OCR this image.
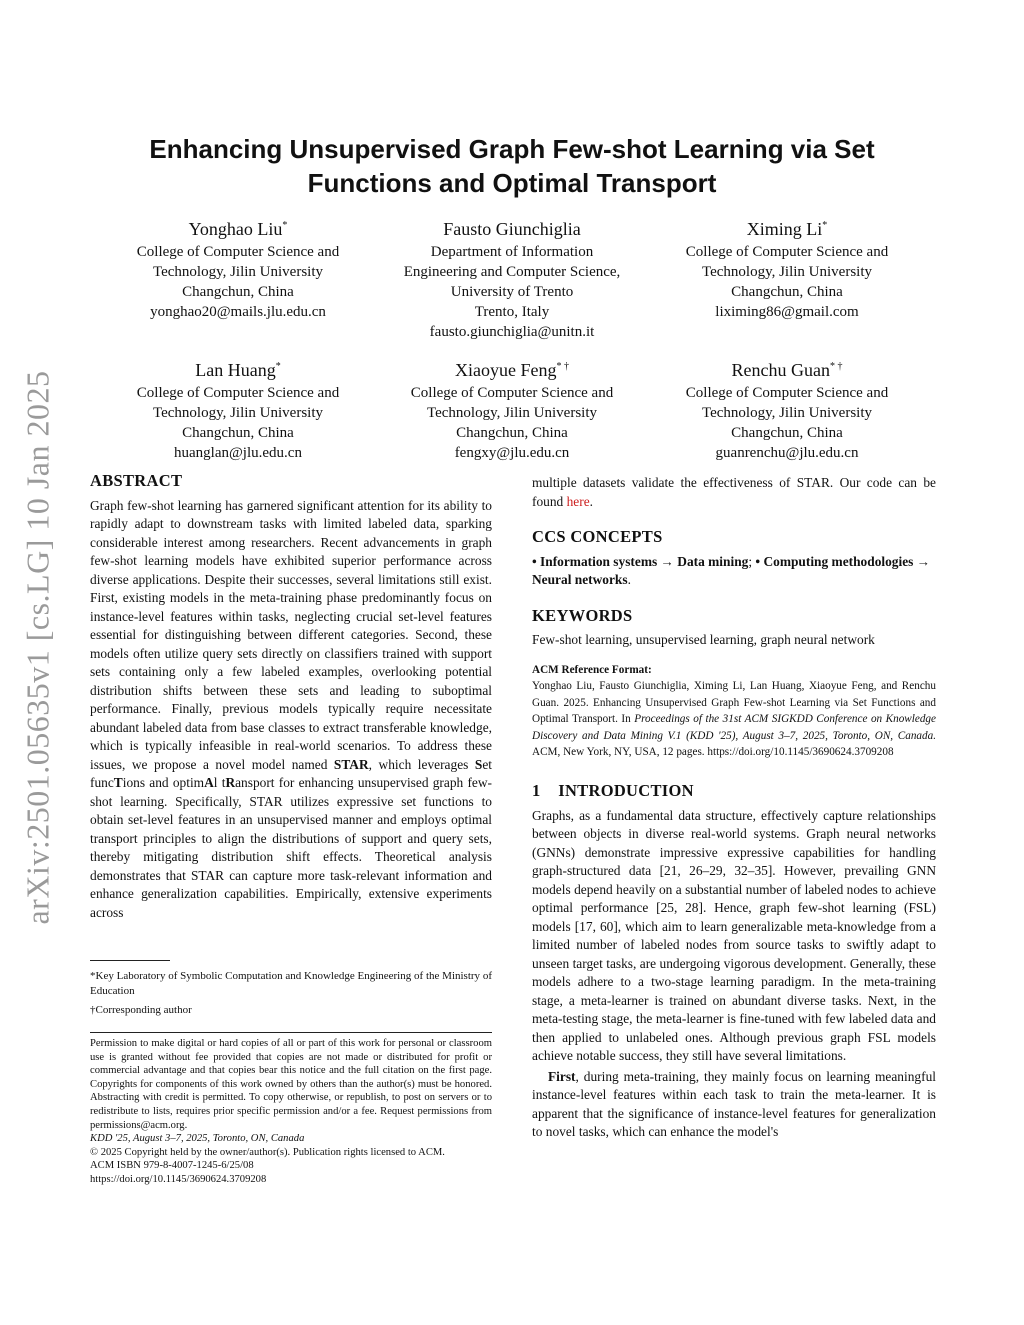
arXiv:2501.05635v1 [cs.LG] 10 Jan 2025
Enhancing Unsupervised Graph Few-shot Learning via Set Functions and Optimal Transport
Yonghao Liu*
College of Computer Science and
Technology, Jilin University
Changchun, China
yonghao20@mails.jlu.edu.cn
Fausto Giunchiglia
Department of Information
Engineering and Computer Science,
University of Trento
Trento, Italy
fausto.giunchiglia@unitn.it
Ximing Li*
College of Computer Science and
Technology, Jilin University
Changchun, China
liximing86@gmail.com
Lan Huang*
College of Computer Science and
Technology, Jilin University
Changchun, China
huanglan@jlu.edu.cn
Xiaoyue Feng* †
College of Computer Science and
Technology, Jilin University
Changchun, China
fengxy@jlu.edu.cn
Renchu Guan* †
College of Computer Science and
Technology, Jilin University
Changchun, China
guanrenchu@jlu.edu.cn
ABSTRACT

Graph few-shot learning has garnered significant attention for its ability to rapidly adapt to downstream tasks with limited labeled data, sparking considerable interest among researchers. Recent advancements in graph few-shot learning models have exhibited superior performance across diverse applications. Despite their successes, several limitations still exist. First, existing models in the meta-training phase predominantly focus on instance-level features within tasks, neglecting crucial set-level features essential for distinguishing between different categories. Second, these models often utilize query sets directly on classifiers trained with support sets containing only a few labeled examples, overlooking potential distribution shifts between these sets and leading to suboptimal performance. Finally, previous models typically require necessitate abundant labeled data from base classes to extract transferable knowledge, which is typically infeasible in real-world scenarios. To address these issues, we propose a novel model named STAR, which leverages Set funcTions and optimAl tRansport for enhancing unsupervised graph few-shot learning. Specifically, STAR utilizes expressive set functions to obtain set-level features in an unsupervised manner and employs optimal transport principles to align the distributions of support and query sets, thereby mitigating distribution shift effects. Theoretical analysis demonstrates that STAR can capture more task-relevant information and enhance generalization capabilities. Empirically, extensive experiments across

*Key Laboratory of Symbolic Computation and Knowledge Engineering of the Ministry of Education

†Corresponding author

Permission to make digital or hard copies of all or part of this work for personal or classroom use is granted without fee provided that copies are not made or distributed for profit or commercial advantage and that copies bear this notice and the full citation on the first page. Copyrights for components of this work owned by others than the author(s) must be honored. Abstracting with credit is permitted. To copy otherwise, or republish, to post on servers or to redistribute to lists, requires prior specific permission and/or a fee. Request permissions from permissions@acm.org.

KDD '25, August 3–7, 2025, Toronto, ON, Canada

© 2025 Copyright held by the owner/author(s). Publication rights licensed to ACM.

ACM ISBN 979-8-4007-1245-6/25/08

https://doi.org/10.1145/3690624.3709208

multiple datasets validate the effectiveness of STAR. Our code can be found here.

CCS CONCEPTS

• Information systems → Data mining; • Computing methodologies → Neural networks.

KEYWORDS

Few-shot learning, unsupervised learning, graph neural network

ACM Reference Format:

Yonghao Liu, Fausto Giunchiglia, Ximing Li, Lan Huang, Xiaoyue Feng, and Renchu Guan. 2025. Enhancing Unsupervised Graph Few-shot Learning via Set Functions and Optimal Transport. In Proceedings of the 31st ACM SIGKDD Conference on Knowledge Discovery and Data Mining V.1 (KDD '25), August 3–7, 2025, Toronto, ON, Canada. ACM, New York, NY, USA, 12 pages. https://doi.org/10.1145/3690624.3709208

1    INTRODUCTION

Graphs, as a fundamental data structure, effectively capture relationships between objects in diverse real-world systems. Graph neural networks (GNNs) demonstrate impressive expressive capabilities for handling graph-structured data [21, 26–29, 32–35]. However, prevailing GNN models depend heavily on a substantial number of labeled nodes to achieve optimal performance [25, 28]. Hence, graph few-shot learning (FSL) models [17, 60], which aim to learn generalizable meta-knowledge from a limited number of labeled nodes from source tasks to swiftly adapt to unseen target tasks, are undergoing vigorous development. Generally, these models adhere to a two-stage learning paradigm. In the meta-training stage, a meta-learner is trained on abundant diverse tasks. Next, in the meta-testing stage, the meta-learner is fine-tuned with few labeled data and then applied to unlabeled ones. Although previous graph FSL models achieve notable success, they still have several limitations.

First, during meta-training, they mainly focus on learning meaningful instance-level features within each task to train the meta-learner. It is apparent that the significance of instance-level features for generalization to novel tasks, which can enhance the model's
